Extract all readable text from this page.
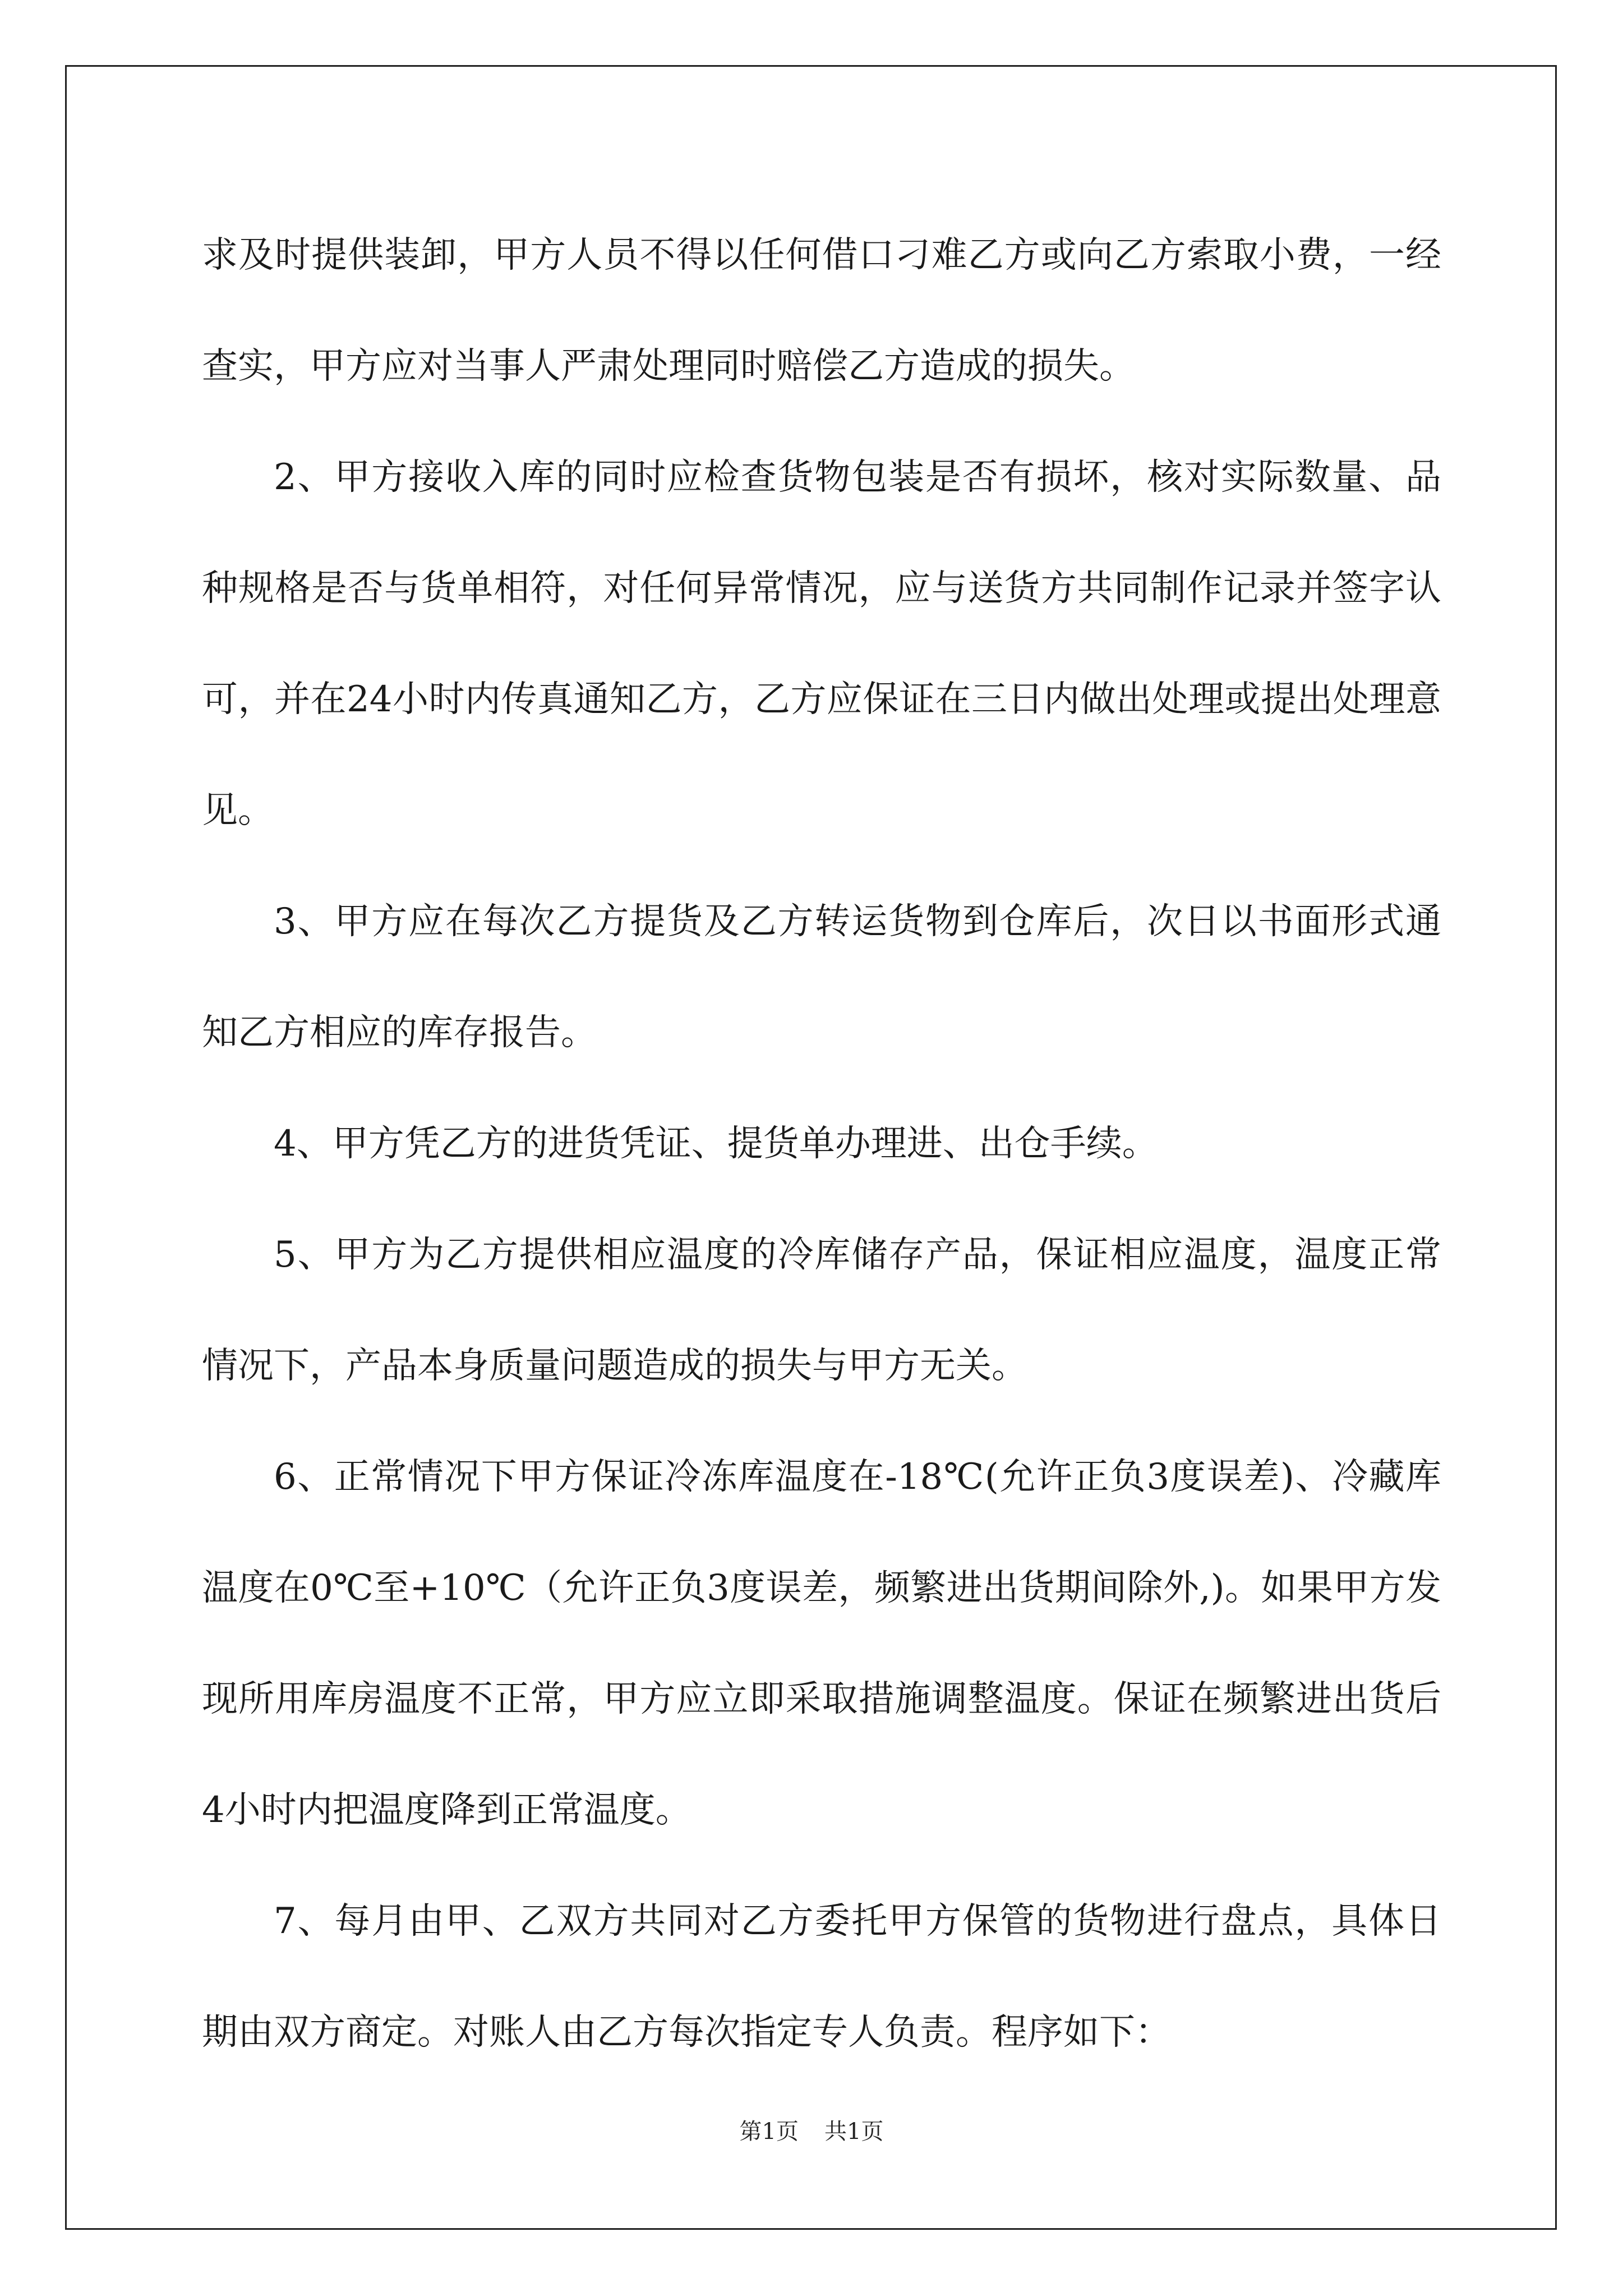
求及时提供装卸，甲方人员不得以任何借口刁难乙方或向乙方索取小费，一经查实，甲方应对当事人严肃处理同时赔偿乙方造成的损失。

2、甲方接收入库的同时应检查货物包装是否有损坏，核对实际数量、品种规格是否与货单相符，对任何异常情况，应与送货方共同制作记录并签字认可，并在24小时内传真通知乙方，乙方应保证在三日内做出处理或提出处理意见。

3、甲方应在每次乙方提货及乙方转运货物到仓库后，次日以书面形式通知乙方相应的库存报告。

4、甲方凭乙方的进货凭证、提货单办理进、出仓手续。

5、甲方为乙方提供相应温度的冷库储存产品，保证相应温度，温度正常情况下，产品本身质量问题造成的损失与甲方无关。

6、正常情况下甲方保证冷冻库温度在-18℃(允许正负3度误差)、冷藏库温度在0℃至+10℃（允许正负3度误差，频繁进出货期间除外,)。如果甲方发现所用库房温度不正常，甲方应立即采取措施调整温度。保证在频繁进出货后4小时内把温度降到正常温度。

7、每月由甲、乙双方共同对乙方委托甲方保管的货物进行盘点，具体日期由双方商定。对账人由乙方每次指定专人负责。程序如下：

第1页 共1页
